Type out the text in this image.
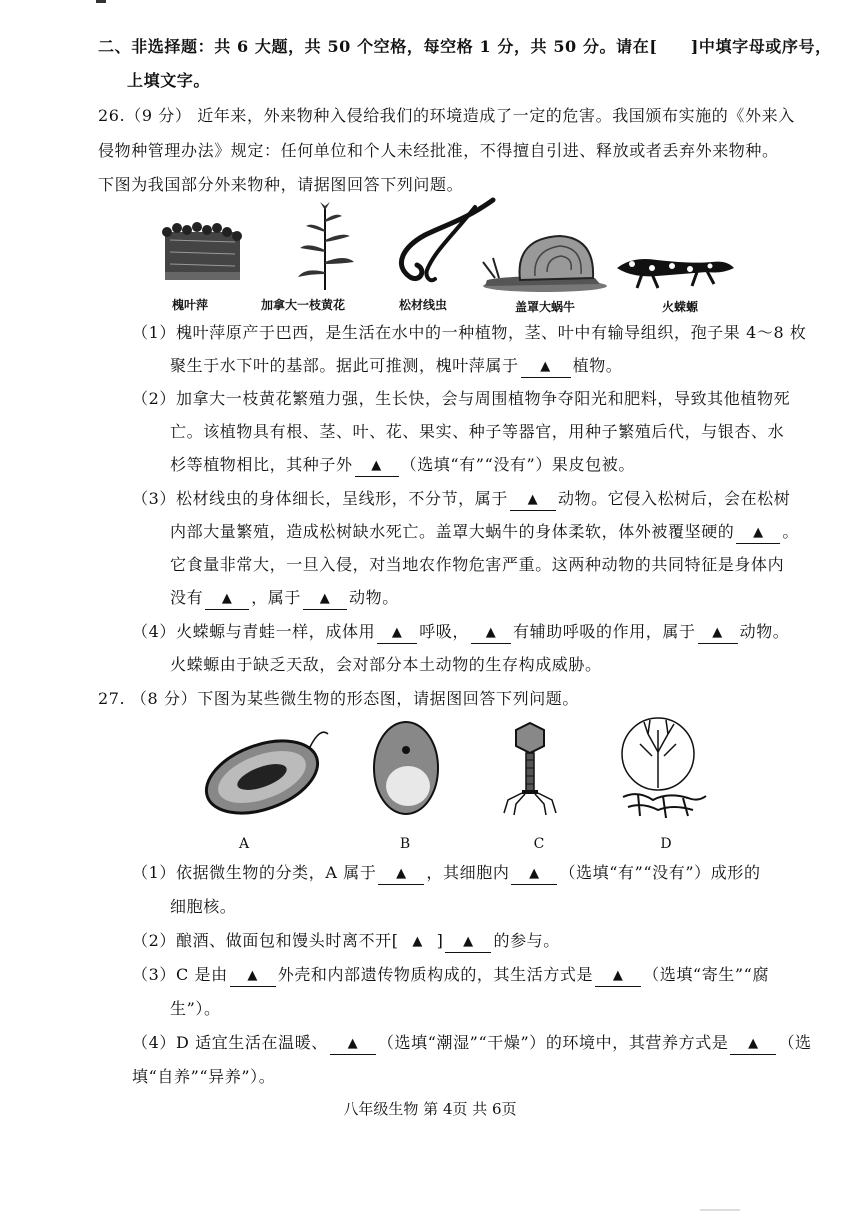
二、非选择题：共 6 大题，共 50 个空格，每空格 1 分，共 50 分。请在[　　]中填字母或序号，
上填文字。
26.（9 分） 近年来，外来物种入侵给我们的环境造成了一定的危害。我国颁布实施的《外来入
侵物种管理办法》规定：任何单位和个人未经批准，不得擅自引进、释放或者丢弃外来物种。
下图为我国部分外来物种，请据图回答下列问题。
槐叶萍	加拿大一枝黄花	松材线虫	盖罩大蜗牛	火蝾螈
（1）槐叶萍原产于巴西，是生活在水中的一种植物，茎、叶中有输导组织，孢子果 4～8 枚
聚生于水下叶的基部。据此可推测，槐叶萍属于 ▲ 植物。
（2）加拿大一枝黄花繁殖力强，生长快，会与周围植物争夺阳光和肥料，导致其他植物死
亡。该植物具有根、茎、叶、花、果实、种子等器官，用种子繁殖后代，与银杏、水
杉等植物相比，其种子外 ▲ （选填“有”“没有”）果皮包被。
（3）松材线虫的身体细长，呈线形，不分节，属于 ▲ 动物。它侵入松树后，会在松树
内部大量繁殖，造成松树缺水死亡。盖罩大蜗牛的身体柔软，体外被覆坚硬的 ▲ 。
它食量非常大，一旦入侵，对当地农作物危害严重。这两种动物的共同特征是身体内
没有 ▲ ，属于 ▲ 动物。
（4）火蝾螈与青蛙一样，成体用 ▲ 呼吸， ▲ 有辅助呼吸的作用，属于 ▲ 动物。
火蝾螈由于缺乏天敌，会对部分本土动物的生存构成威胁。
27. （8 分）下图为某些微生物的形态图，请据图回答下列问题。
A	B	C	D
（1）依据微生物的分类，A 属于 ▲ ，其细胞内 ▲ （选填“有”“没有”）成形的
细胞核。
（2）酿酒、做面包和馒头时离不开[ ▲ ] ▲ 的参与。
（3）C 是由 ▲ 外壳和内部遗传物质构成的，其生活方式是 ▲ （选填“寄生”“腐
生”）。
（4）D 适宜生活在温暖、 ▲ （选填“潮湿”“干燥”）的环境中，其营养方式是 ▲ （选
填“自养”“异养”）。
八年级生物 第 4页 共 6页
